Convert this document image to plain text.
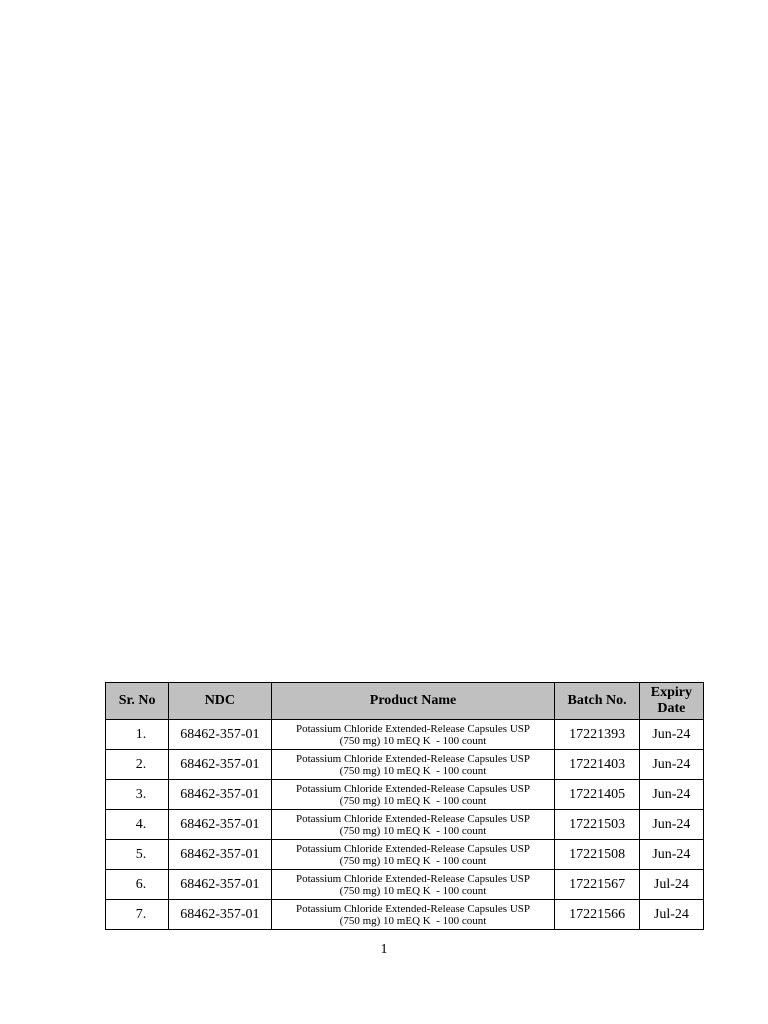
Sr. No	NDC	Product Name	Batch No.	Expiry
Date
1.	68462-357-01	Potassium Chloride Extended-Release Capsules USP
(750 mg) 10 mEQ K  - 100 count	17221393	Jun-24
2.	68462-357-01	Potassium Chloride Extended-Release Capsules USP
(750 mg) 10 mEQ K  - 100 count	17221403	Jun-24
3.	68462-357-01	Potassium Chloride Extended-Release Capsules USP
(750 mg) 10 mEQ K  - 100 count	17221405	Jun-24
4.	68462-357-01	Potassium Chloride Extended-Release Capsules USP
(750 mg) 10 mEQ K  - 100 count	17221503	Jun-24
5.	68462-357-01	Potassium Chloride Extended-Release Capsules USP
(750 mg) 10 mEQ K  - 100 count	17221508	Jun-24
6.	68462-357-01	Potassium Chloride Extended-Release Capsules USP
(750 mg) 10 mEQ K  - 100 count	17221567	Jul-24
7.	68462-357-01	Potassium Chloride Extended-Release Capsules USP
(750 mg) 10 mEQ K  - 100 count	17221566	Jul-24
1
